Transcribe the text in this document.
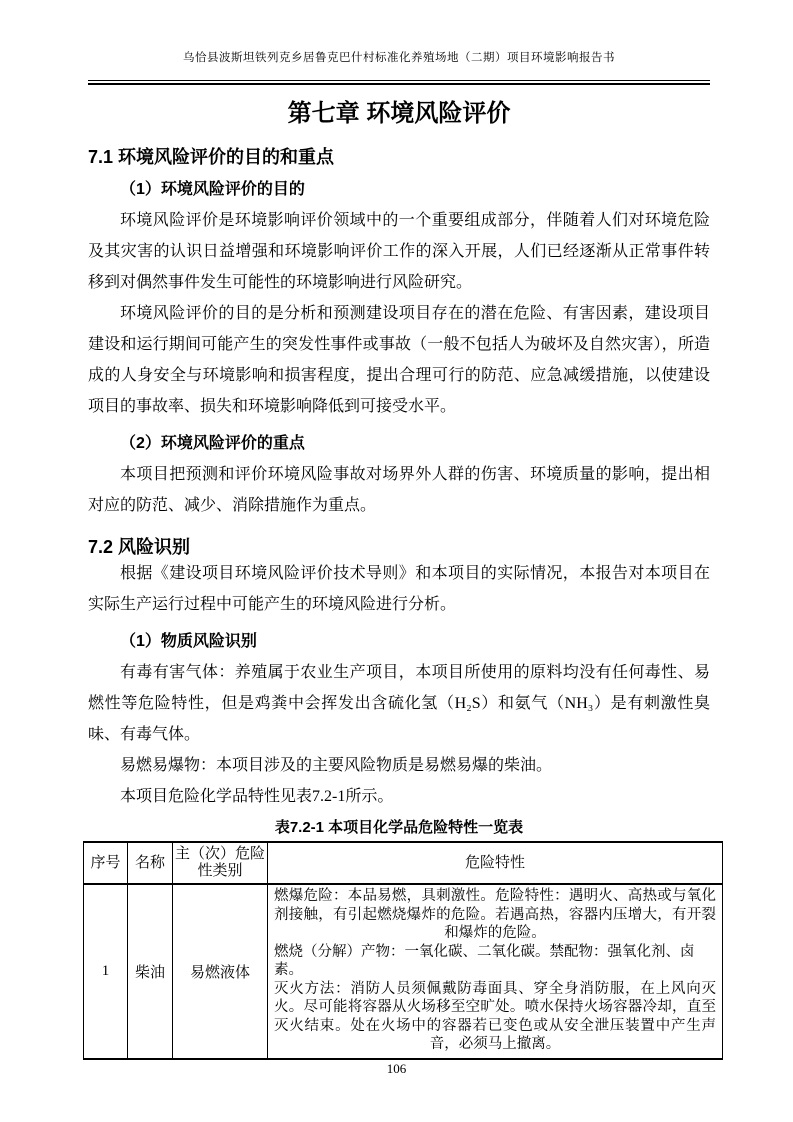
乌恰县波斯坦铁列克乡居鲁克巴什村标准化养殖场地（二期）项目环境影响报告书
第七章 环境风险评价
7.1 环境风险评价的目的和重点
（1）环境风险评价的目的

环境风险评价是环境影响评价领域中的一个重要组成部分，伴随着人们对环境危险及其灾害的认识日益增强和环境影响评价工作的深入开展，人们已经逐渐从正常事件转移到对偶然事件发生可能性的环境影响进行风险研究。

环境风险评价的目的是分析和预测建设项目存在的潜在危险、有害因素，建设项目建设和运行期间可能产生的突发性事件或事故（一般不包括人为破坏及自然灾害），所造成的人身安全与环境影响和损害程度，提出合理可行的防范、应急减缓措施，以使建设项目的事故率、损失和环境影响降低到可接受水平。

（2）环境风险评价的重点

本项目把预测和评价环境风险事故对场界外人群的伤害、环境质量的影响，提出相对应的防范、减少、消除措施作为重点。

7.2 风险识别

根据《建设项目环境风险评价技术导则》和本项目的实际情况，本报告对本项目在实际生产运行过程中可能产生的环境风险进行分析。

（1）物质风险识别

有毒有害气体：养殖属于农业生产项目，本项目所使用的原料均没有任何毒性、易燃性等危险特性，但是鸡粪中会挥发出含硫化氢（H₂S）和氨气（NH₃）是有刺激性臭味、有毒气体。

易燃易爆物：本项目涉及的主要风险物质是易燃易爆的柴油。

本项目危险化学品特性见表7.2-1所示。

表7.2-1 本项目化学品危险特性一览表
序号	名称	主（次）危险性类别	危险特性
1	柴油	易燃液体	燃爆危险：本品易燃，具刺激性。危险特性：遇明火、高热或与氧化剂接触，有引起燃烧爆炸的危险。若遇高热，容器内压增大，有开裂 和爆炸的危险。

燃烧（分解）产物：一氧化碳、二氧化碳。禁配物：强氧化剂、卤素。

灭火方法：消防人员须佩戴防毒面具、穿全身消防服，在上风向灭火。尽可能将容器从火场移至空旷处。喷水保持火场容器冷却，直至灭火结束。处在火场中的容器若已变色或从安全泄压装置中产生声音，必须马上撤离。

106
